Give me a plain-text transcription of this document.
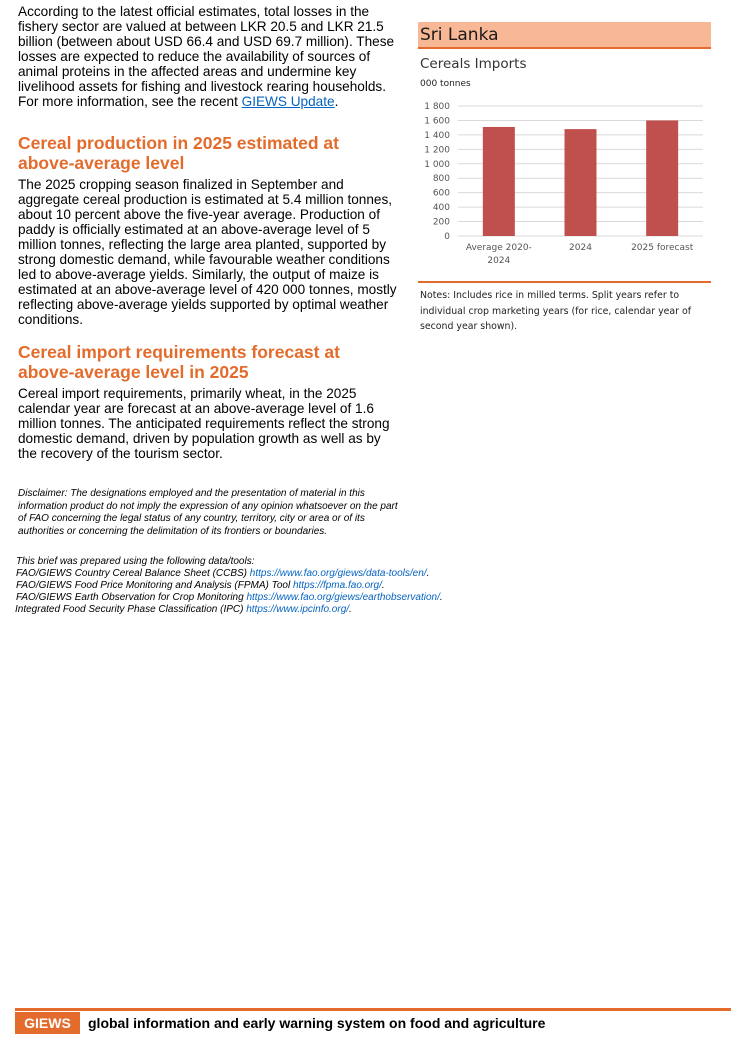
According to the latest official estimates, total losses in the fishery sector are valued at between LKR 20.5 and LKR 21.5 billion (between about USD 66.4 and USD 69.7 million). These losses are expected to reduce the availability of sources of animal proteins in the affected areas and undermine key livelihood assets for fishing and livestock rearing households. For more information, see the recent GIEWS Update.

Cereal production in 2025 estimated at above-average level

The 2025 cropping season finalized in September and aggregate cereal production is estimated at 5.4 million tonnes, about 10 percent above the five-year average. Production of paddy is officially estimated at an above-average level of 5 million tonnes, reflecting the large area planted, supported by strong domestic demand, while favourable weather conditions led to above-average yields. Similarly, the output of maize is estimated at an above-average level of 420 000 tonnes, mostly reflecting above-average yields supported by optimal weather conditions.

Cereal import requirements forecast at above-average level in 2025

Cereal import requirements, primarily wheat, in the 2025 calendar year are forecast at an above-average level of 1.6 million tonnes. The anticipated requirements reflect the strong domestic demand, driven by population growth as well as by the recovery of the tourism sector.

Disclaimer: The designations employed and the presentation of material in this information product do not imply the expression of any opinion whatsoever on the part of FAO concerning the legal status of any country, territory, city or area or of its authorities or concerning the delimitation of its frontiers or boundaries.
This brief was prepared using the following data/tools:
FAO/GIEWS Country Cereal Balance Sheet (CCBS) https://www.fao.org/giews/data-tools/en/.
FAO/GIEWS Food Price Monitoring and Analysis (FPMA) Tool https://fpma.fao.org/.
FAO/GIEWS Earth Observation for Crop Monitoring https://www.fao.org/giews/earthobservation/.
Integrated Food Security Phase Classification (IPC) https://www.ipcinfo.org/.
Sri Lanka
Cereals Imports
000 tonnes
0
200
400
600
800
1 000
1 200
1 400
1 600
1 800
Average 2020-2024
2024	2025 forecast
Notes: Includes rice in milled terms. Split years refer to individual crop marketing years (for rice, calendar year of second year shown).
GIEWS	global information and early warning system on food and agriculture
